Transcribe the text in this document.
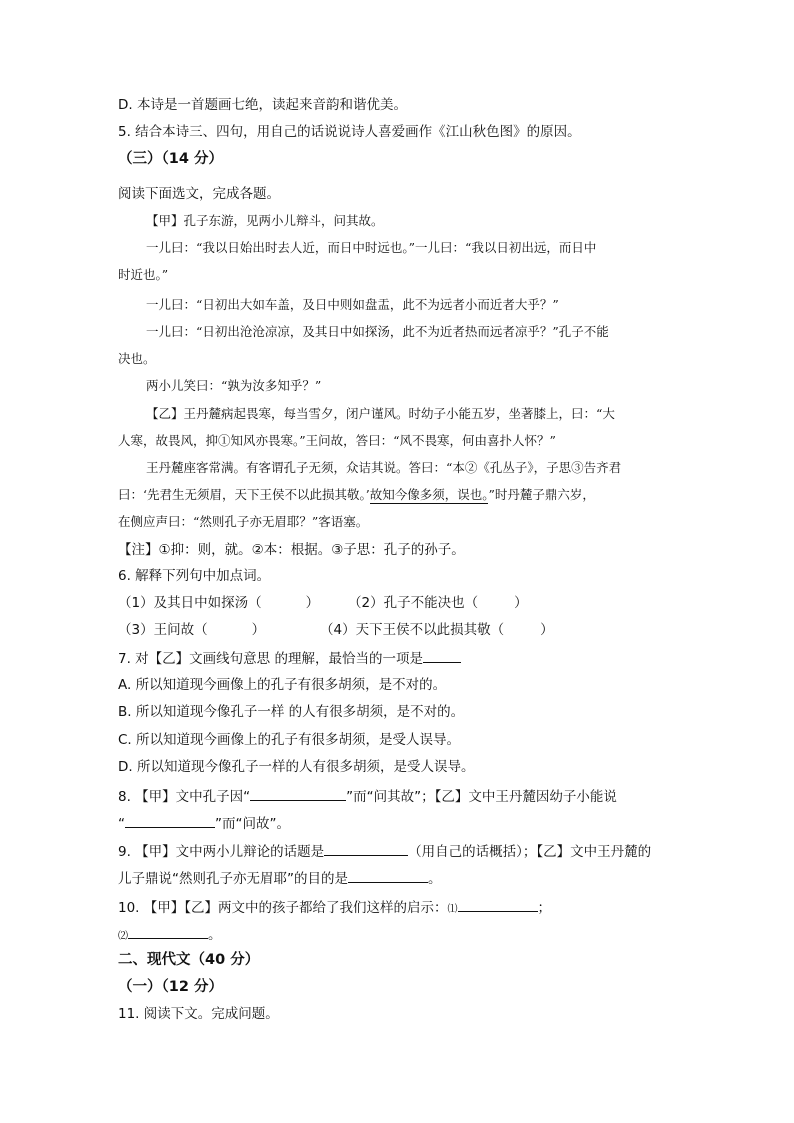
D. 本诗是一首题画七绝，读起来音韵和谐优美。
5. 结合本诗三、四句，用自己的话说说诗人喜爱画作《江山秋色图》的原因。
（三）（14 分）
阅读下面选文，完成各题。
【甲】孔子东游，见两小儿辩斗，问其故。
一儿曰：“我以日始出时去人近，而日中时远也。”一儿曰：“我以日初出远，而日中
时近也。”
一儿曰：“日初出大如车盖，及日中则如盘盂，此不为远者小而近者大乎？”
一儿曰：“日初出沧沧凉凉，及其日中如探汤，此不为近者热而远者凉乎？”孔子不能
决也。
两小儿笑曰：“孰为汝多知乎？”
【乙】王丹麓病起畏寒，每当雪夕，闭户谨风。时幼子小能五岁，坐著膝上，曰：“大
人寒，故畏风，抑①知风亦畏寒。”王问故，答曰：“风不畏寒，何由喜扑人怀？”
王丹麓座客常满。有客谓孔子无须，众诘其说。答曰：“本②《孔丛子》，子思③告齐君
曰：‘先君生无须眉，天下王侯不以此损其敬。’故知今像多须，误也。”时丹麓子鼎六岁，
在侧应声曰：“然则孔子亦无眉耶？”客语塞。
【注】①抑：则，就。②本：根据。③子思：孔子的孙子。
6. 解释下列句中加点词。
（1）及其日中如探汤（	） （2）孔子不能决也（	）
（3）王问故（	）	（4）天下王侯不以此损其敬（	）
7. 对【乙】文画线句意思 的理解，最恰当的一项是
A. 所以知道现今画像上的孔子有很多胡须，是不对的。
B. 所以知道现今像孔子一样 的人有很多胡须，是不对的。
C. 所以知道现今画像上的孔子有很多胡须，是受人误导。
D. 所以知道现今像孔子一样的人有很多胡须，是受人误导。
8. 【甲】文中孔子因“	”而“问其故”；【乙】文中王丹麓因幼子小能说
“	”而“问故”。
9. 【甲】文中两小儿辩论的话题是	（用自己的话概括）；【乙】文中王丹麓的
儿子鼎说“然则孔子亦无眉耶”的目的是	。
10. 【甲】【乙】两文中的孩子都给了我们这样的启示：⑴	；
⑵	。
二、现代文（40 分）
（一）（12 分）
11. 阅读下文。完成问题。
